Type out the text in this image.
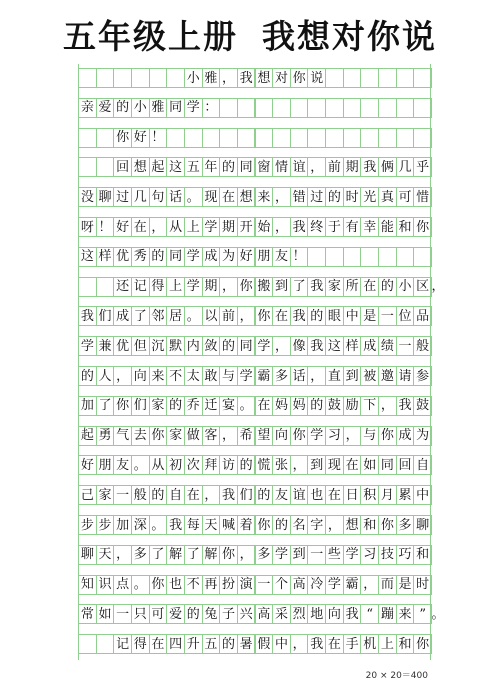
五年级上册 我想对你说
小 雅 ， 我 想 对 你 说
亲 爱 的 小 雅 同 学 ：
你 好 ！
回 想 起 这 五 年 的 同 窗 情 谊 ， 前 期 我 俩 几 乎
没 聊 过 几 句 话 。 现 在 想 来 ， 错 过 的 时 光 真 可 惜
呀 ！ 好 在 ， 从 上 学 期 开 始 ， 我 终 于 有 幸 能 和 你
这 样 优 秀 的 同 学 成 为 好 朋 友 ！
还 记 得 上 学 期 ， 你 搬 到 了 我 家 所 在 的 小 区 ，
我 们 成 了 邻 居 。 以 前 ， 你 在 我 的 眼 中 是 一 位 品
学 兼 优 但 沉 默 内 敛 的 同 学 ， 像 我 这 样 成 绩 一 般
的 人 ， 向 来 不 太 敢 与 学 霸 多 话 ， 直 到 被 邀 请 参
加 了 你 们 家 的 乔 迁 宴 。 在 妈 妈 的 鼓 励 下 ， 我 鼓
起 勇 气 去 你 家 做 客 ， 希 望 向 你 学 习 ， 与 你 成 为
好 朋 友 。 从 初 次 拜 访 的 慌 张 ， 到 现 在 如 同 回 自
己 家 一 般 的 自 在 ， 我 们 的 友 谊 也 在 日 积 月 累 中
步 步 加 深 。 我 每 天 喊 着 你 的 名 字 ， 想 和 你 多 聊
聊 天 ， 多 了 解 了 解 你 ， 多 学 到 一 些 学 习 技 巧 和
知 识 点 。 你 也 不 再 扮 演 一 个 高 冷 学 霸 ， 而 是 时
常 如 一 只 可 爱 的 兔 子 兴 高 采 烈 地 向 我 “ 蹦 来 ” 。
记 得 在 四 升 五 的 暑 假 中 ， 我 在 手 机 上 和 你
20 × 20＝400
